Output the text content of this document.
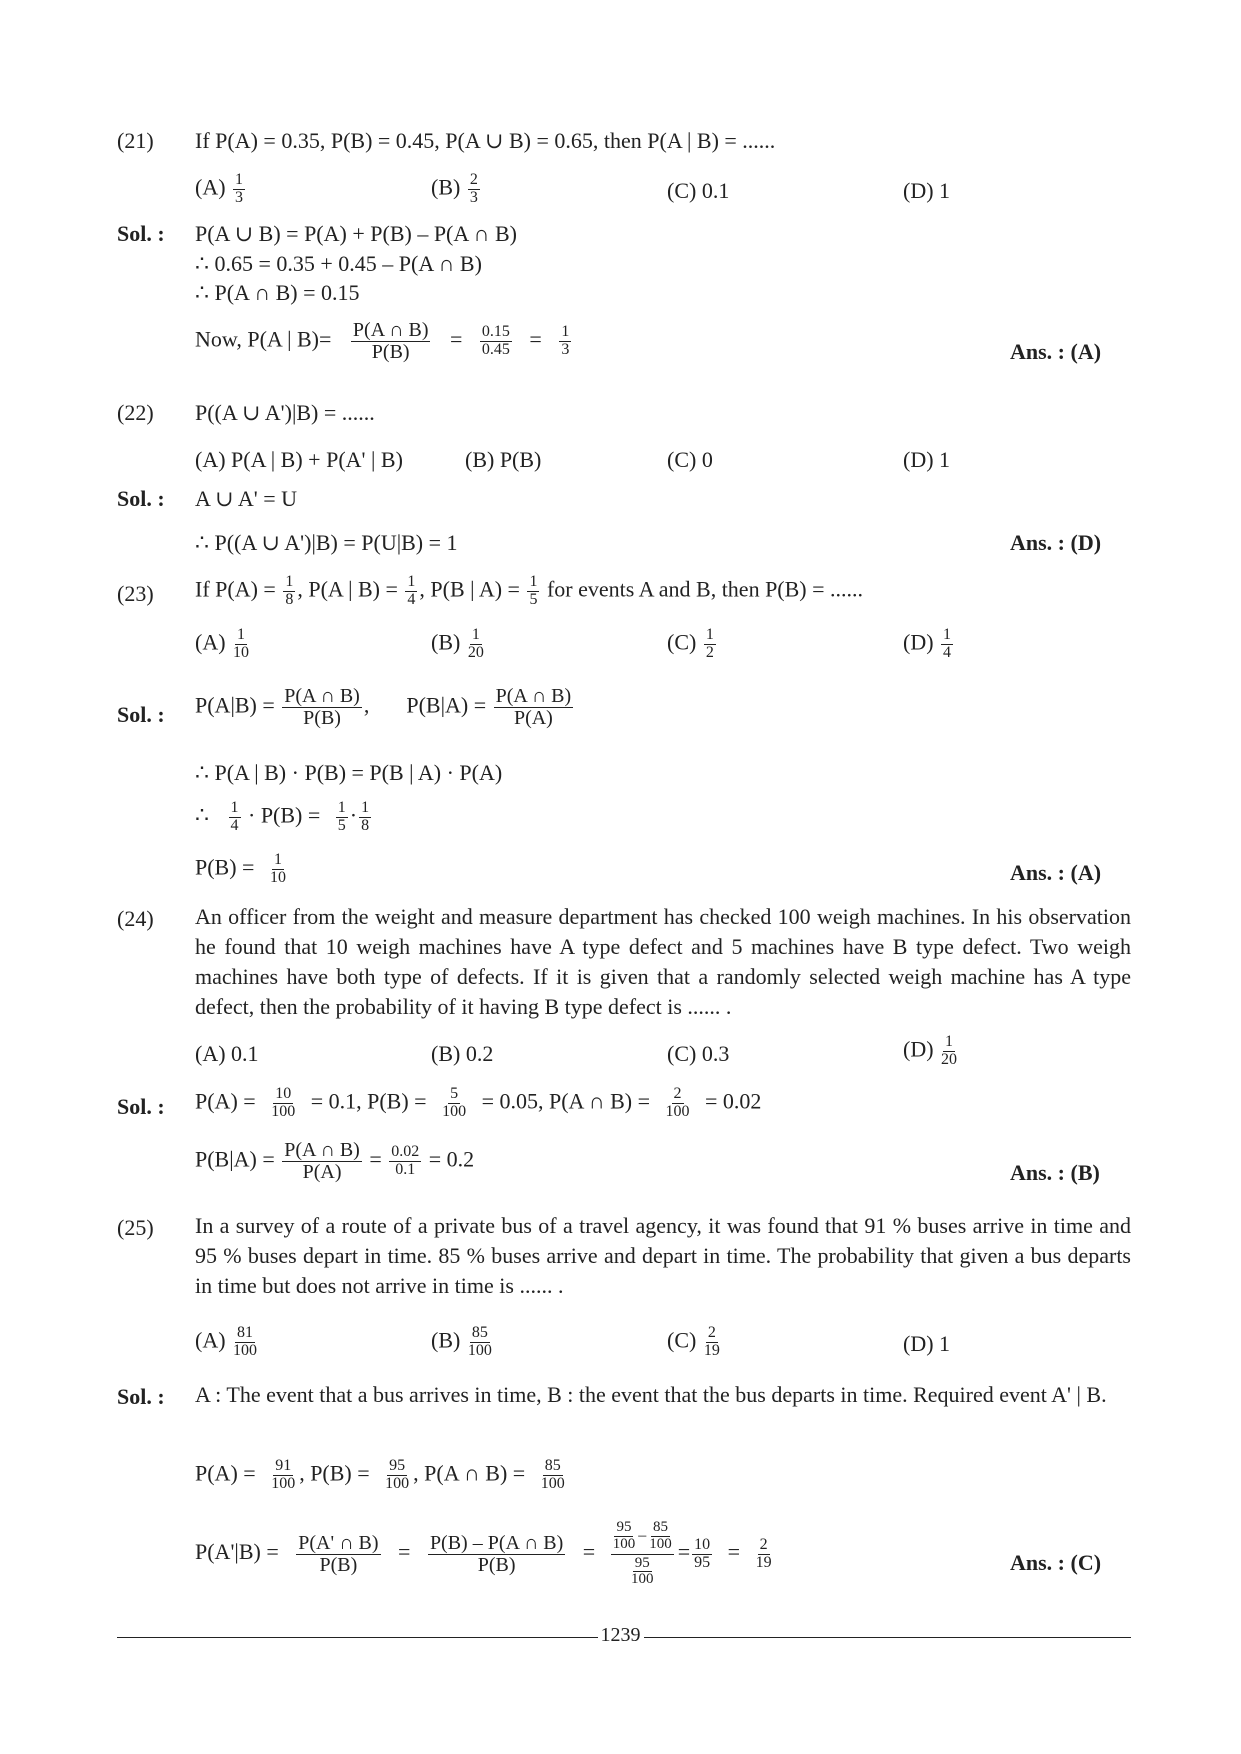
(21) If P(A) = 0.35, P(B) = 0.45, P(A ∪ B) = 0.65, then P(A | B) = ......
$(A) \frac{1}{3}$	$(B) \frac{2}{3}$	(C) 0.1	(D) 1
Sol. : P(A ∪ B) = P(A) + P(B) – P(A ∩ B)
∴ 0.65 = 0.35 + 0.45 – P(A ∩ B)
∴ P(A ∩ B) = 0.15
Now, P(A | $B)= \frac{P(A \cap B)}{P(B)} = \frac{0.15}{0.45} = \frac{1}{3}$	Ans. : (A)
(22) P((A ∪ A')|B) = ......
(A) P(A | B) + P(A' | B)	(B) P(B)	(C) 0	(D) 1
Sol. : A ∪ A' = U
∴ P((A ∪ A')|B) = P(U|B) = 1	Ans. : (D)
(23) If $P(A) = \frac{1}{8}$ , P(A | $B) = \frac{1}{4}$ , P(B | $A) = \frac{1}{5}$ for events A and B, then P(B) = ......
$(A) \frac{1}{10}$	$(B) \frac{1}{20}$	$(C) \frac{1}{2}$	$(D) \frac{1}{4}$
Sol. : $P(A|B) = \frac{P(A \cap B)}{P(B)}$ , $P(B|A) = \frac{P(A \cap B)}{P(A)}$
∴ P(A | B) · P(B) = P(B | A) · P(A)
∴ $\frac{1}{4} \cdot P(B) = \frac{1}{5} \cdot \frac{1}{8}$
$P(B) = \frac{1}{10}$	Ans. : (A)
(24) An officer from the weight and measure department has checked 100 weigh machines. In his observation he found that 10 weigh machines have A type defect and 5 machines have B type defect. Two weigh machines have both type of defects. If it is given that a randomly selected weigh machine has A type defect, then the probability of it having B type defect is ...... .
(A) 0.1	(B) 0.2	(C) 0.3	$(D) \frac{1}{20}$
Sol. : $P(A) = \frac{10}{100} = 0.1$, $P(B) = \frac{5}{100} = 0.05$, P(A ∩ $B) = \frac{2}{100} = 0.02$
$P(B|A) = \frac{P(A \cap B)}{P(A)} = \frac{0.02}{0.1} = 0.2$
Ans. : (B)
(25) In a survey of a route of a private bus of a travel agency, it was found that 91 % buses arrive in time and 95 % buses depart in time. 85 % buses arrive and depart in time. The probability that given a bus departs in time but does not arrive in time is ...... .
$(A) \frac{81}{100}$	$(B) \frac{85}{100}$	$(C) \frac{2}{19}$	(D) 1
Sol. : A : The event that a bus arrives in time, B : the event that the bus departs in time. Required event A' | B.
$P(A) = \frac{91}{100}$ , $P(B) = \frac{95}{100}$ , P(A ∩ $B) = \frac{85}{100}$
$P(A'|B) = \frac{P(A' \cap B)}{P(B)} = \frac{P(B) - P(A \cap B)}{P(B)} = \frac{\frac{95}{100} - \frac{85}{100}}{\frac{95}{100}} = \frac{10}{95} = \frac{2}{19}$	Ans. : (C)
1239
